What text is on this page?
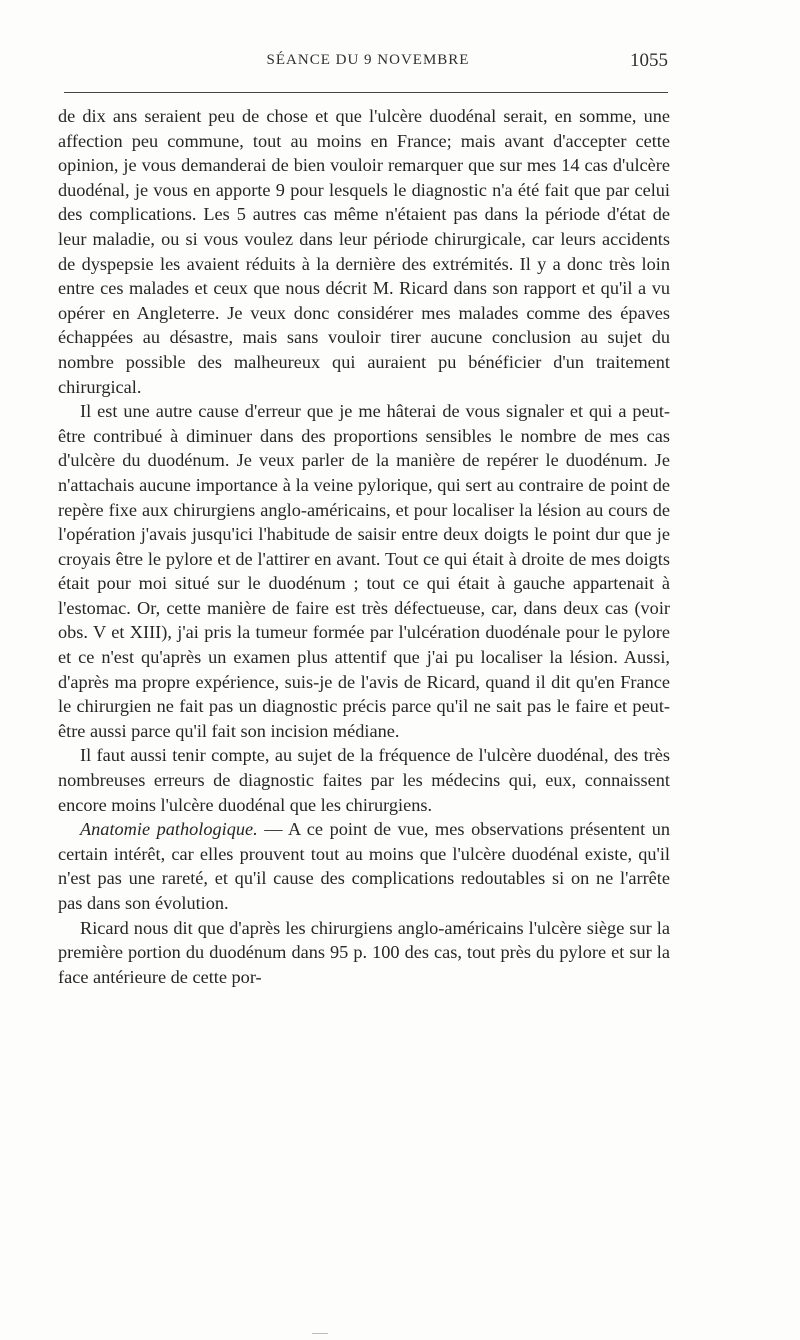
SÉANCE DU 9 NOVEMBRE	1055

de dix ans seraient peu de chose et que l'ulcère duodénal serait, en somme, une affection peu commune, tout au moins en France; mais avant d'accepter cette opinion, je vous demanderai de bien vouloir remarquer que sur mes 14 cas d'ulcère duodénal, je vous en apporte 9 pour lesquels le diagnostic n'a été fait que par celui des complications. Les 5 autres cas même n'étaient pas dans la période d'état de leur maladie, ou si vous voulez dans leur période chirurgicale, car leurs accidents de dyspepsie les avaient réduits à la dernière des extrémités. Il y a donc très loin entre ces malades et ceux que nous décrit M. Ricard dans son rapport et qu'il a vu opérer en Angleterre. Je veux donc considérer mes malades comme des épaves échappées au désastre, mais sans vouloir tirer aucune conclusion au sujet du nombre possible des malheureux qui auraient pu bénéficier d'un traitement chirurgical.

Il est une autre cause d'erreur que je me hâterai de vous signaler et qui a peut-être contribué à diminuer dans des proportions sensibles le nombre de mes cas d'ulcère du duodénum. Je veux parler de la manière de repérer le duodénum. Je n'attachais aucune importance à la veine pylorique, qui sert au contraire de point de repère fixe aux chirurgiens anglo-américains, et pour localiser la lésion au cours de l'opération j'avais jusqu'ici l'habitude de saisir entre deux doigts le point dur que je croyais être le pylore et de l'attirer en avant. Tout ce qui était à droite de mes doigts était pour moi situé sur le duodénum ; tout ce qui était à gauche appartenait à l'estomac. Or, cette manière de faire est très défectueuse, car, dans deux cas (voir obs. V et XIII), j'ai pris la tumeur formée par l'ulcération duodénale pour le pylore et ce n'est qu'après un examen plus attentif que j'ai pu localiser la lésion. Aussi, d'après ma propre expérience, suis-je de l'avis de Ricard, quand il dit qu'en France le chirurgien ne fait pas un diagnostic précis parce qu'il ne sait pas le faire et peut-être aussi parce qu'il fait son incision médiane.

Il faut aussi tenir compte, au sujet de la fréquence de l'ulcère duodénal, des très nombreuses erreurs de diagnostic faites par les médecins qui, eux, connaissent encore moins l'ulcère duodénal que les chirurgiens.

Anatomie pathologique. — A ce point de vue, mes observations présentent un certain intérêt, car elles prouvent tout au moins que l'ulcère duodénal existe, qu'il n'est pas une rareté, et qu'il cause des complications redoutables si on ne l'arrête pas dans son évolution.

Ricard nous dit que d'après les chirurgiens anglo-américains l'ulcère siège sur la première portion du duodénum dans 95 p. 100 des cas, tout près du pylore et sur la face antérieure de cette por-
